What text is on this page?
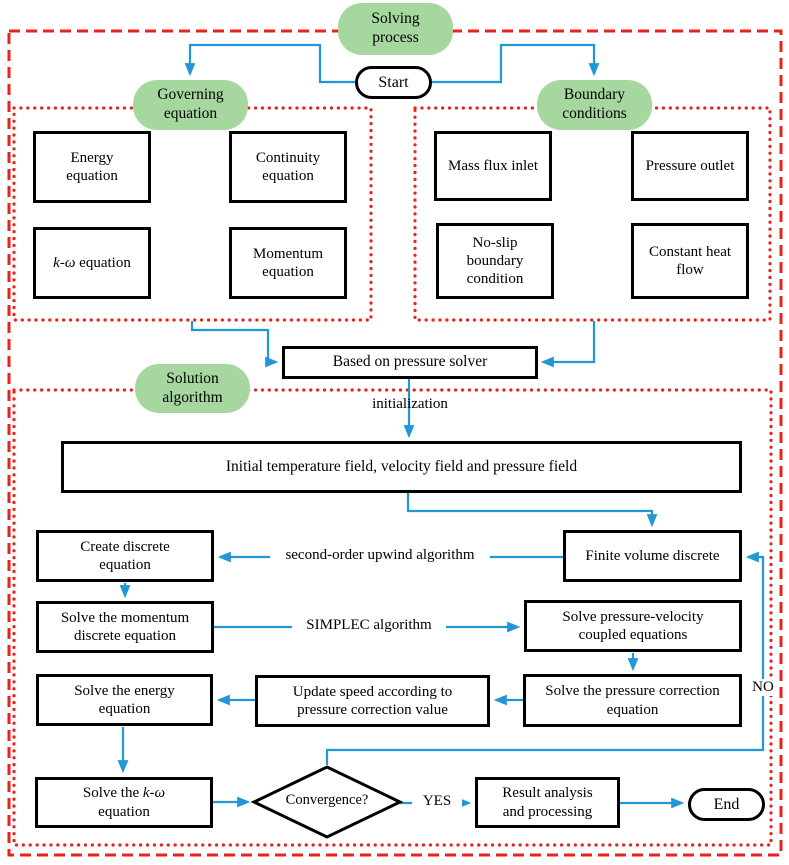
Solving process
Governing equation
Boundary conditions
Solution algorithm
Start
End
Energy equation
Continuity equation
k-ω equation
Momentum equation
Mass flux inlet	Pressure outlet
No-slip boundary condition
Constant heat flow
Based on pressure solver
initialization
Initial temperature field, velocity field and pressure field
Create discrete equation
second-order upwind algorithm	Finite volume discrete
Solve the momentum discrete equation
SIMPLEC algorithm
Solve pressure-velocity coupled equations
Solve the energy equation
Update speed according to pressure correction value
Solve the pressure correction equation
NO
Solve the k-ω equation
Convergence?	YES	Result analysis and processing
